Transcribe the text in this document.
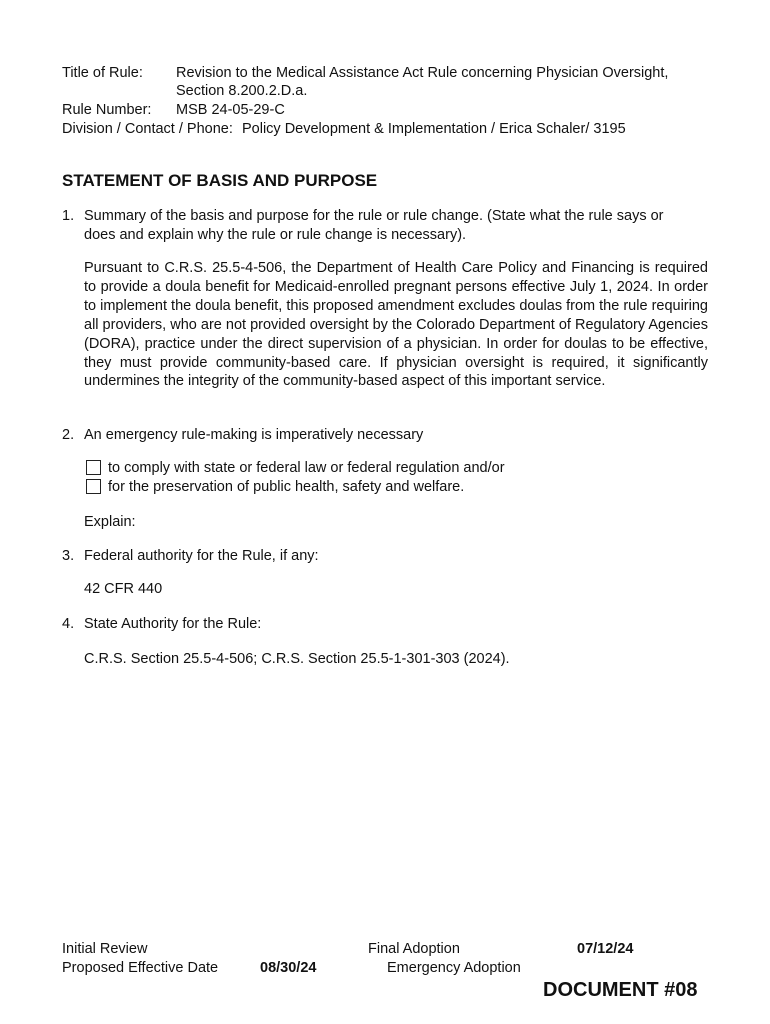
Title of Rule: Revision to the Medical Assistance Act Rule concerning Physician Oversight,
Section 8.200.2.D.a.
Rule Number: MSB 24-05-29-C
Division / Contact / Phone: Policy Development & Implementation / Erica Schaler/ 3195
STATEMENT OF BASIS AND PURPOSE
1. Summary of the basis and purpose for the rule or rule change. (State what the rule says or
does and explain why the rule or rule change is necessary).
Pursuant to C.R.S. 25.5-4-506, the Department of Health Care Policy and Financing is required to provide a doula benefit for Medicaid-enrolled pregnant persons effective July 1, 2024. In order to implement the doula benefit, this proposed amendment excludes doulas from the rule requiring all providers, who are not provided oversight by the Colorado Department of Regulatory Agencies (DORA), practice under the direct supervision of a physician. In order for doulas to be effective, they must provide community-based care. If physician oversight is required, it significantly undermines the integrity of the community-based aspect of this important service.
2. An emergency rule-making is imperatively necessary
to comply with state or federal law or federal regulation and/or
for the preservation of public health, safety and welfare.
Explain:
3. Federal authority for the Rule, if any:
42 CFR 440
4. State Authority for the Rule:
C.R.S. Section 25.5-4-506; C.R.S. Section 25.5-1-301-303 (2024).
Initial Review
Proposed Effective Date	08/30/24
Final Adoption	07/12/24
Emergency Adoption
DOCUMENT #08
